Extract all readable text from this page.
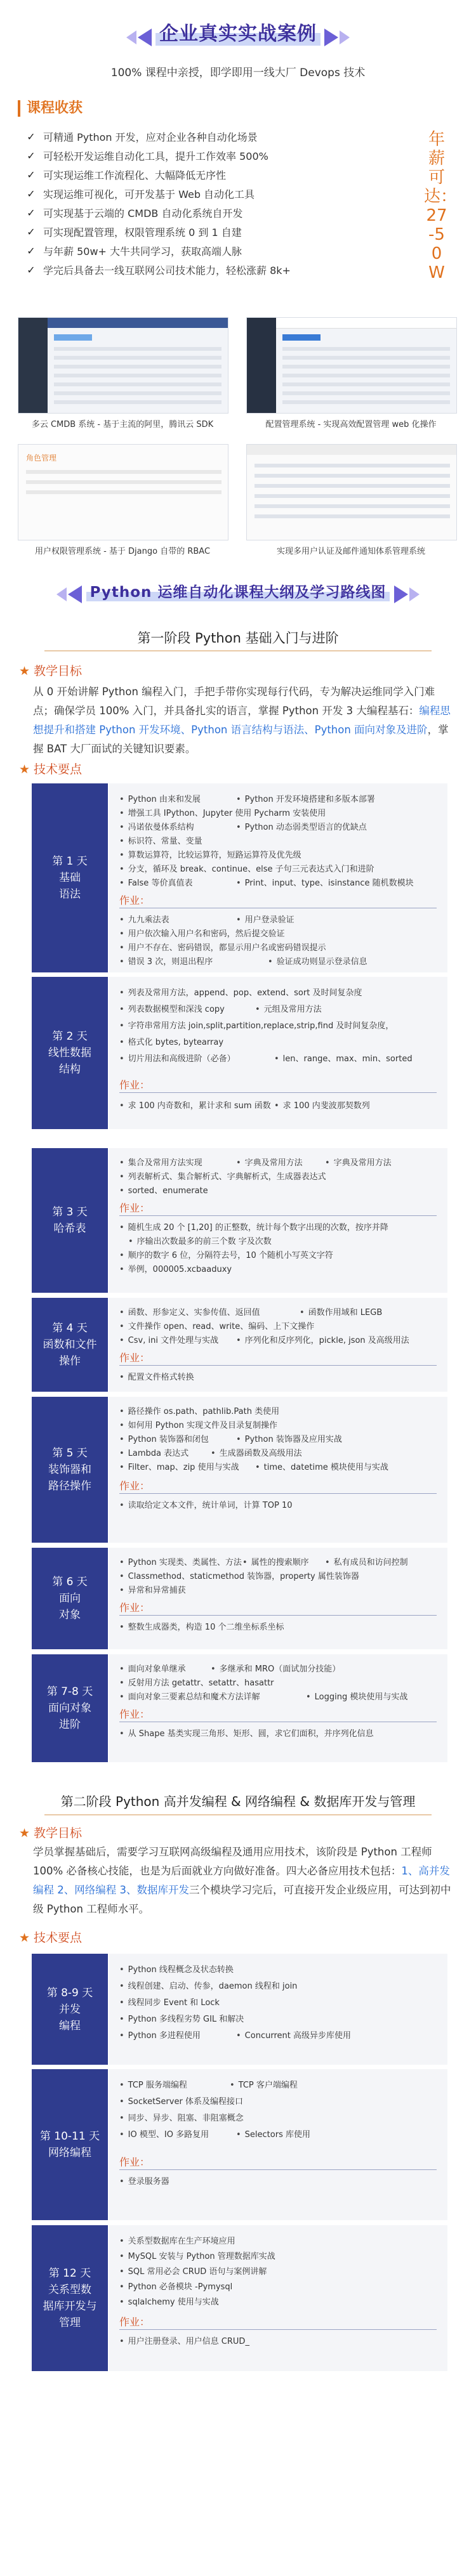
企业真实实战案例
100% 课程中亲授，即学即用一线大厂 Devops 技术
课程收获
✓ 可精通 Python 开发，应对企业各种自动化场景
✓ 可轻松开发运维自动化工具，提升工作效率 500%
✓ 可实现运维工作流程化、大幅降低无序性
✓ 实现运维可视化，可开发基于 Web 自动化工具
✓ 可实现基于云端的 CMDB 自动化系统自开发
✓ 可实现配置管理，权限管理系统 0 到 1 自建
✓ 与年薪 50w+ 大牛共同学习，获取高端人脉
✓ 学完后具备去一线互联网公司技术能力，轻松涨薪 8k+
年薪可达：27-50W
多云 CMDB 系统 - 基于主流的阿里，腾讯云 SDK	配置管理系统 - 实现高效配置管理 web 化操作
角色管理
用户权限管理系统 - 基于 Django 自带的 RBAC	实现多用户认证及邮件通知体系管理系统
Python 运维自动化课程大纲及学习路线图
第一阶段 Python 基础入门与进阶
★ 教学目标
从 0 开始讲解 Python 编程入门，手把手带你实现每行代码，专为解决运维同学入门难点；确保学员 100% 入门，并具备扎实的语言，掌握 Python 开发 3 大编程基石：编程思想提升和搭建 Python 开发环境、Python 语言结构与语法、Python 面向对象及进阶，掌握 BAT 大厂面试的关键知识要素。
★ 技术要点
第 1 天
基础
语法
• Python 由来和发展	• Python 开发环境搭建和多版本部署
• 增强工具 IPython、Jupyter 使用 Pycharm 安装使用
• 冯诺依曼体系结构	• Python 动态弱类型语言的优缺点
• 标识符、常量、变量
• 算数运算符，比较运算符，短路运算符及优先级
• 分支，循环及 break、continue、else 子句三元表达式入门和进阶
• False 等价真值表	• Print、input、type、isinstance 随机数模块
作业：
• 九九乘法表	• 用户登录验证
• 用户依次输入用户名和密码，然后提交验证
• 用户不存在、密码错误，都显示用户名或密码错误提示
• 错误 3 次，则退出程序	• 验证成功则显示登录信息
第 2 天
线性数据
结构
• 列表及常用方法，append、pop、extend、sort 及时间复杂度
• 列表数据模型和深浅 copy	• 元组及常用方法
• 字符串常用方法 join,split,partition,replace,strip,find 及时间复杂度，
• 格式化 bytes, bytearray
• 切片用法和高级进阶（必备）	• len、range、max、min、sorted
作业：
• 求 100 内奇数和，累计求和 sum 函数	• 求 100 内斐波那契数列
第 3 天
哈希表
• 集合及常用方法实现	• 字典及常用方法	• 字典及常用方法
• 列表解析式、集合解析式、字典解析式，生成器表达式
• sorted、enumerate
作业：
• 随机生成 20 个 [1,20] 的正整数，统计每个数字出现的次数，按序并降
• 序输出次数最多的前三个数 字及次数
• 顺序的数字 6 位，分隔符去号，10 个随机小写英文字符
• 举例，000005.xcbaaduxy
第 4 天
函数和文件
操作
• 函数、形参定义、实参传值、返回值	• 函数作用域和 LEGB
• 文件操作 open、read、write、编码、上下文操作
• Csv, ini 文件处理与实战	• 序列化和反序列化，pickle, json 及高级用法
作业：
• 配置文件格式转换
第 5 天
装饰器和
路径操作
• 路径操作 os.path、pathlib.Path 类使用
• 如何用 Python 实现文件及目录复制操作
• Python 装饰器和闭包	• Python 装饰器及应用实战
• Lambda 表达式	• 生成器函数及高级用法
• Filter、map、zip 使用与实战	• time、datetime 模块使用与实战
作业：
• 读取给定文本文件，统计单词，计算 TOP 10
第 6 天
面向
对象
• Python 实现类、类属性、方法	• 属性的搜索顺序	• 私有成员和访问控制
• Classmethod、staticmethod 装饰器，property 属性装饰器
• 异常和异常捕获
作业：
• 整数生成器类，构造 10 个二维坐标系坐标
第 7-8 天
面向对象
进阶
• 面向对象单继承	• 多继承和 MRO（面试加分技能）
• 反射用方法 getattr、setattr、hasattr
• 面向对象三要素总结和魔术方法详解	• Logging 模块使用与实战
作业：
• 从 Shape 基类实现三角形、矩形、圆，求它们面积，并序列化信息
第二阶段 Python 高并发编程 & 网络编程 & 数据库开发与管理
★ 教学目标
学员掌握基础后，需要学习互联网高级编程及通用应用技术，该阶段是 Python 工程师 100% 必备核心技能，也是为后面就业方向做好准备。四大必备应用技术包括：1、高并发编程 2、网络编程 3、数据库开发三个模块学习完后，可直接开发企业级应用，可达到初中级 Python 工程师水平。
★ 技术要点
第 8-9 天
并发
编程
• Python 线程概念及状态转换
• 线程创建、启动、传参，daemon 线程和 join
• 线程同步 Event 和 Lock
• Python 多线程劣势 GIL 和解决
• Python 多进程使用	• Concurrent 高级异步库使用
第 10-11 天
网络编程
• TCP 服务端编程	• TCP 客户端编程
• SocketServer 体系及编程接口
• 同步、异步、阻塞、非阻塞概念
• IO 模型、IO 多路复用	• Selectors 库使用
作业：
• 登录服务器
第 12 天
关系型数
据库开发与
管理
• 关系型数据库在生产环境应用
• MySQL 安装与 Python 管理数据库实战
• SQL 常用必会 CRUD 语句与案例讲解
• Python 必备模块 -Pymysql
• sqlalchemy 使用与实战
作业：
• 用户注册登录、用户信息 CRUD_
